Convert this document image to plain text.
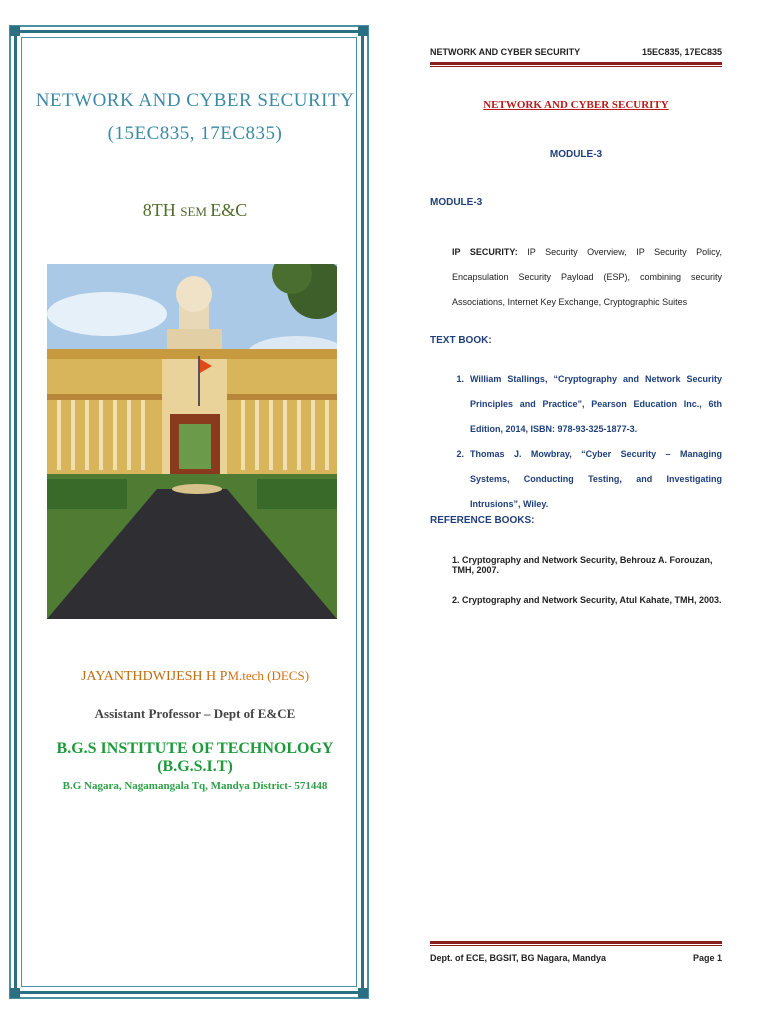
NETWORK AND CYBER SECURITY
(15EC835, 17EC835)
8TH SEM E&C
JAYANTHDWIJESH H PM.tech (DECS)
Assistant Professor – Dept of E&CE
B.G.S INSTITUTE OF TECHNOLOGY (B.G.S.I.T)
B.G Nagara, Nagamangala Tq, Mandya District- 571448
NETWORK AND CYBER SECURITY	15EC835, 17EC835
NETWORK AND CYBER SECURITY
MODULE-3
MODULE-3
IP SECURITY: IP Security Overview, IP Security Policy, Encapsulation Security Payload (ESP), combining security Associations, Internet Key Exchange, Cryptographic Suites
TEXT BOOK:
1. William Stallings, “Cryptography and Network Security Principles and Practice”, Pearson Education Inc., 6th Edition, 2014, ISBN: 978-93-325-1877-3.
2. Thomas J. Mowbray, “Cyber Security – Managing Systems, Conducting Testing, and Investigating Intrusions”, Wiley.
REFERENCE BOOKS:
1. Cryptography and Network Security, Behrouz A. Forouzan, TMH, 2007.
2. Cryptography and Network Security, Atul Kahate, TMH, 2003.
Dept. of ECE, BGSIT, BG Nagara, Mandya	Page 1
